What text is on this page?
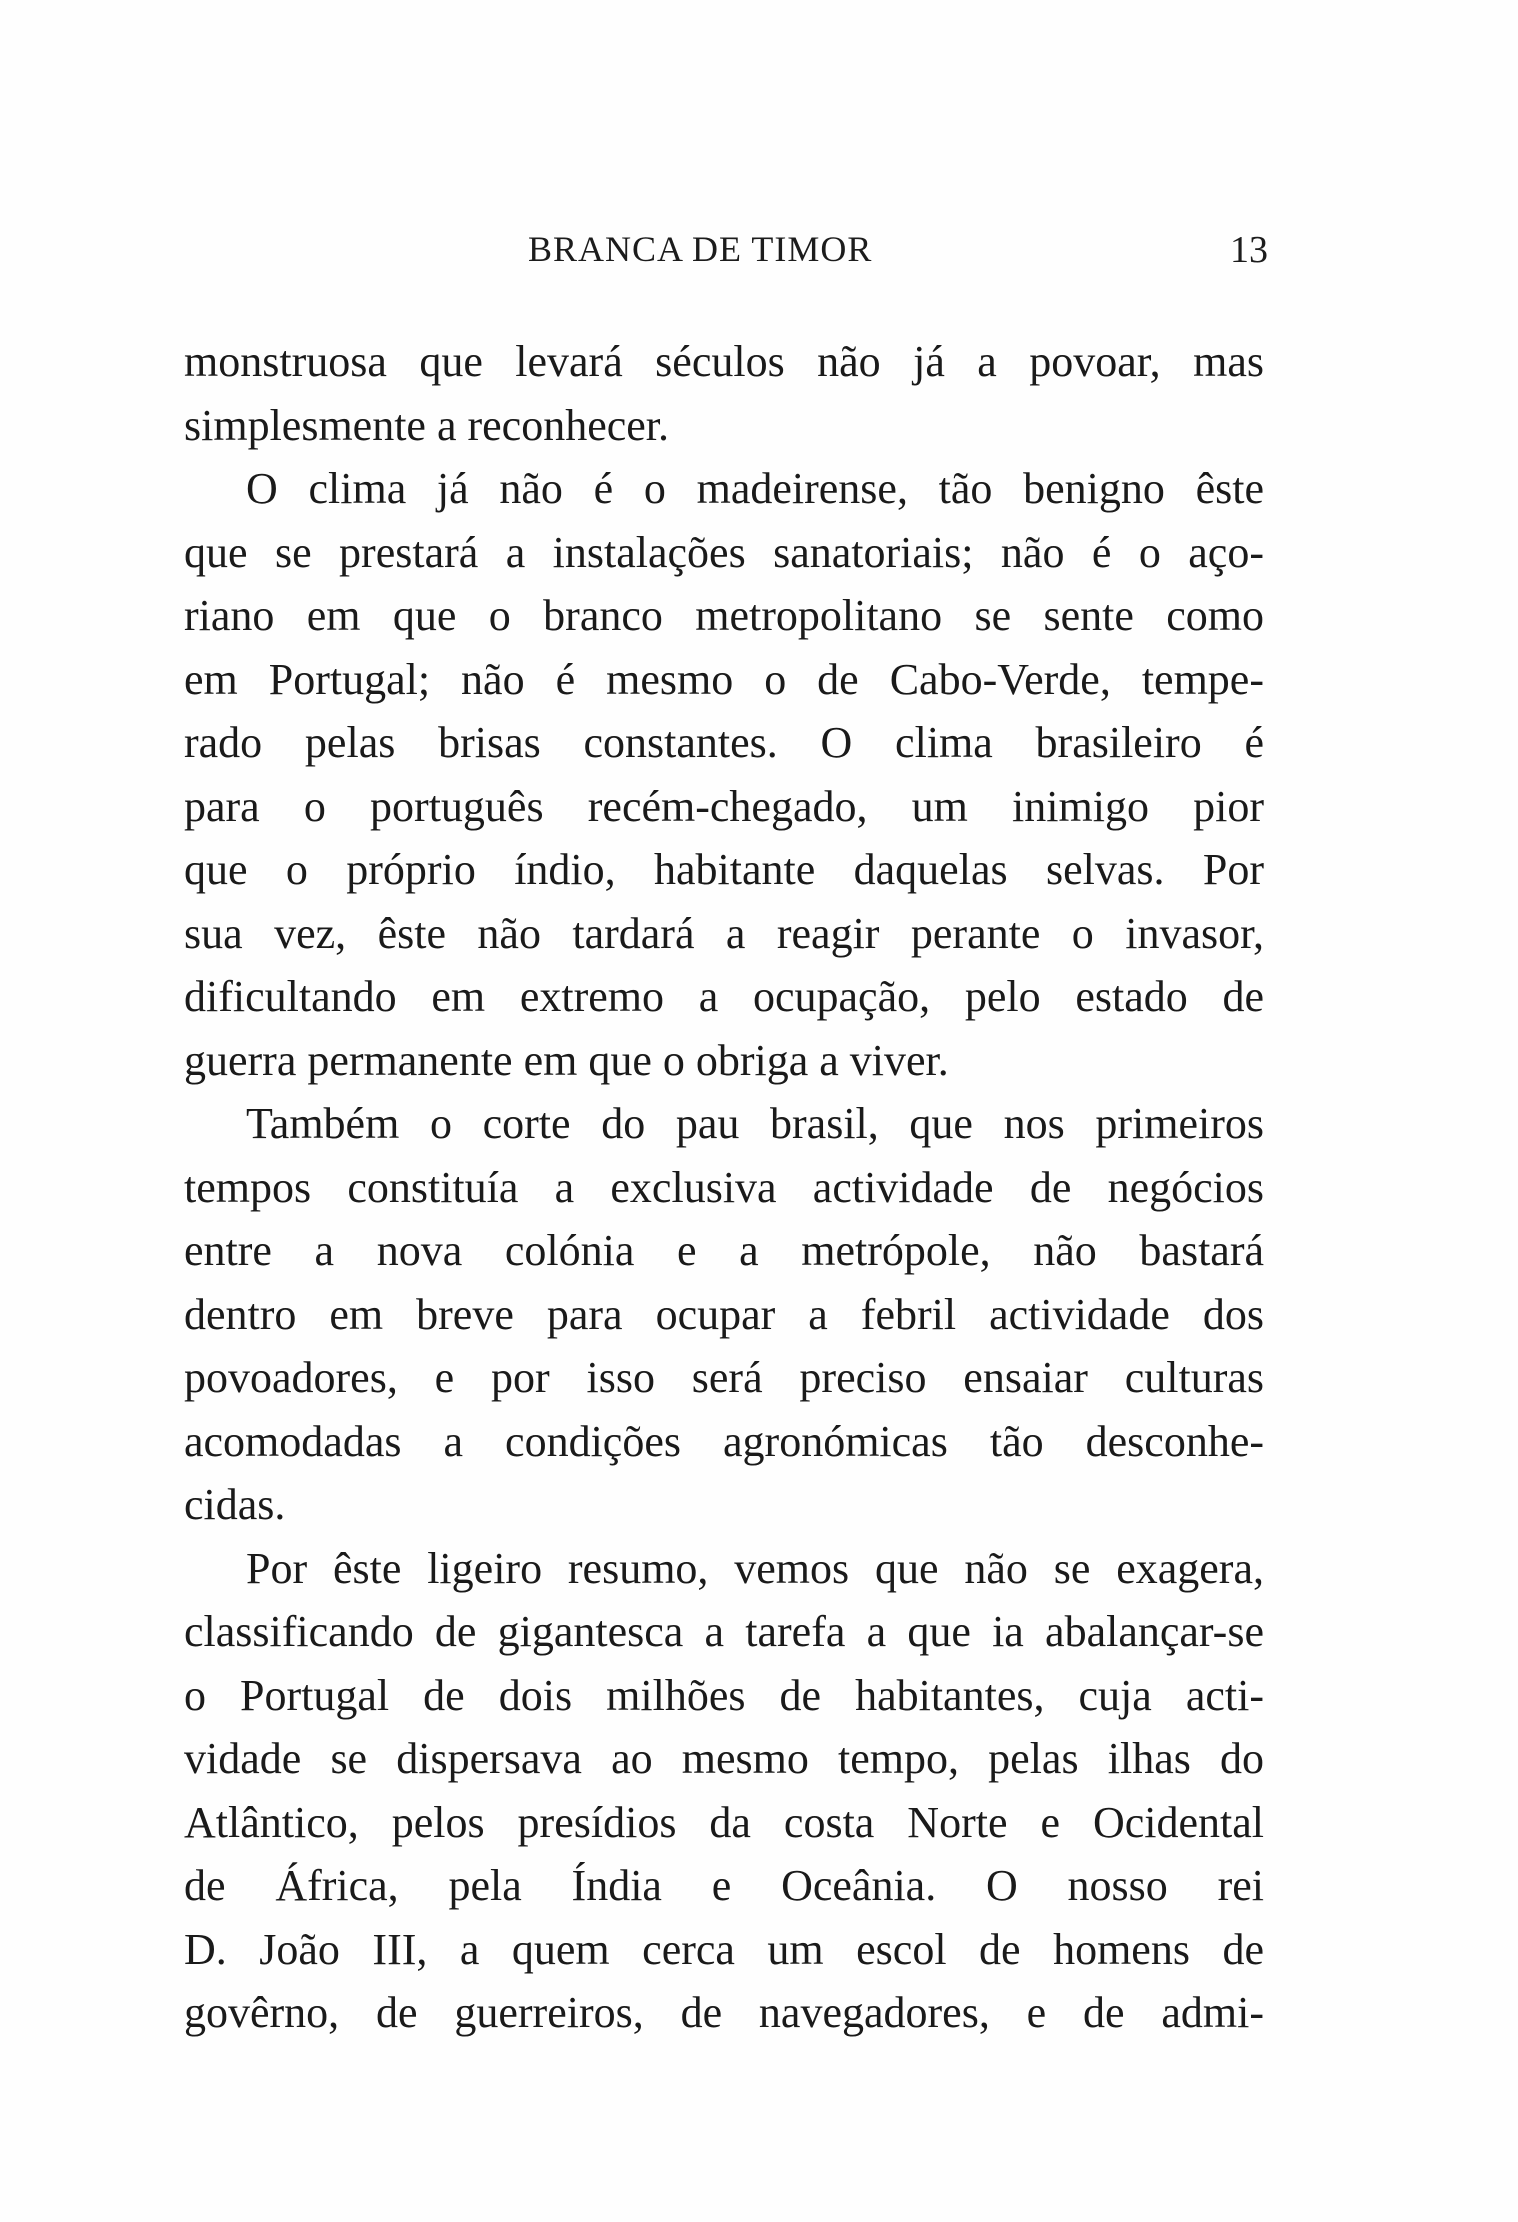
BRANCA DE TIMOR	13

monstruosa que levará séculos não já a povoar, mas
simplesmente a reconhecer.

O clima já não é o madeirense, tão benigno êste
que se prestará a instalações sanatoriais; não é o aço-
riano em que o branco metropolitano se sente como
em Portugal; não é mesmo o de Cabo-Verde, tempe-
rado pelas brisas constantes. O clima brasileiro é
para o português recém-chegado, um inimigo pior
que o próprio índio, habitante daquelas selvas. Por
sua vez, êste não tardará a reagir perante o invasor,
dificultando em extremo a ocupação, pelo estado de
guerra permanente em que o obriga a viver.

Também o corte do pau brasil, que nos primeiros
tempos constituía a exclusiva actividade de negócios
entre a nova colónia e a metrópole, não bastará
dentro em breve para ocupar a febril actividade dos
povoadores, e por isso será preciso ensaiar culturas
acomodadas a condições agronómicas tão desconhe-
cidas.

Por êste ligeiro resumo, vemos que não se exagera,
classificando de gigantesca a tarefa a que ia abalançar-se
o Portugal de dois milhões de habitantes, cuja acti-
vidade se dispersava ao mesmo tempo, pelas ilhas do
Atlântico, pelos presídios da costa Norte e Ocidental
de África, pela Índia e Oceânia. O nosso rei
D. João III, a quem cerca um escol de homens de
govêrno, de guerreiros, de navegadores, e de admi-
